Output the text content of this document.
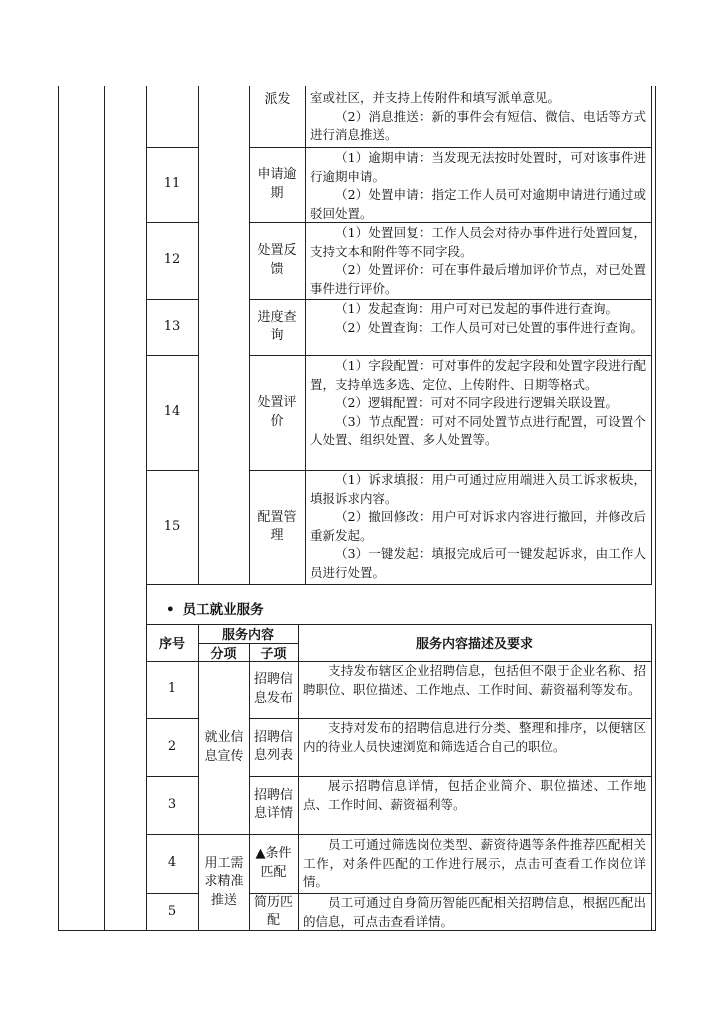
派发 室或社区，并支持上传附件和填写派单意见。

（2）消息推送：新的事件会有短信、微信、电话等方式进行消息推送。

11
申请逾期

（1）逾期申请：当发现无法按时处置时，可对该事件进行逾期申请。

（2）处置申请：指定工作人员可对逾期申请进行通过或驳回处置。

12
处置反馈

（1）处置回复：工作人员会对待办事件进行处置回复，支持文本和附件等不同字段。

（2）处置评价：可在事件最后增加评价节点，对已处置事件进行评价。

13
进度查询

（1）发起查询：用户可对已发起的事件进行查询。

（2）处置查询：工作人员可对已处置的事件进行查询。

14
处置评价

（1）字段配置：可对事件的发起字段和处置字段进行配置，支持单选多选、定位、上传附件、日期等格式。

（2）逻辑配置：可对不同字段进行逻辑关联设置。

（3）节点配置：可对不同处置节点进行配置，可设置个人处置、组织处置、多人处置等。

15
配置管理

（1）诉求填报：用户可通过应用端进入员工诉求板块，填报诉求内容。

（2）撤回修改：用户可对诉求内容进行撤回，并修改后重新发起。

（3）一键发起：填报完成后可一键发起诉求，由工作人员进行处置。

• 员工就业服务
序号
服务内容
分项 子项
服务内容描述及要求
就业信息宣传
用工需求精准推送
1
招聘信息发布

支持发布辖区企业招聘信息，包括但不限于企业名称、招聘职位、职位描述、工作地点、工作时间、薪资福利等发布。

2
招聘信息列表

支持对发布的招聘信息进行分类、整理和排序，以便辖区内的待业人员快速浏览和筛选适合自己的职位。

3
招聘信息详情

展示招聘信息详情，包括企业简介、职位描述、工作地点、工作时间、薪资福利等。

4
▲条件匹配

员工可通过筛选岗位类型、薪资待遇等条件推荐匹配相关工作，对条件匹配的工作进行展示，点击可查看工作岗位详情。

5
简历匹配

员工可通过自身简历智能匹配相关招聘信息，根据匹配出的信息，可点击查看详情。
